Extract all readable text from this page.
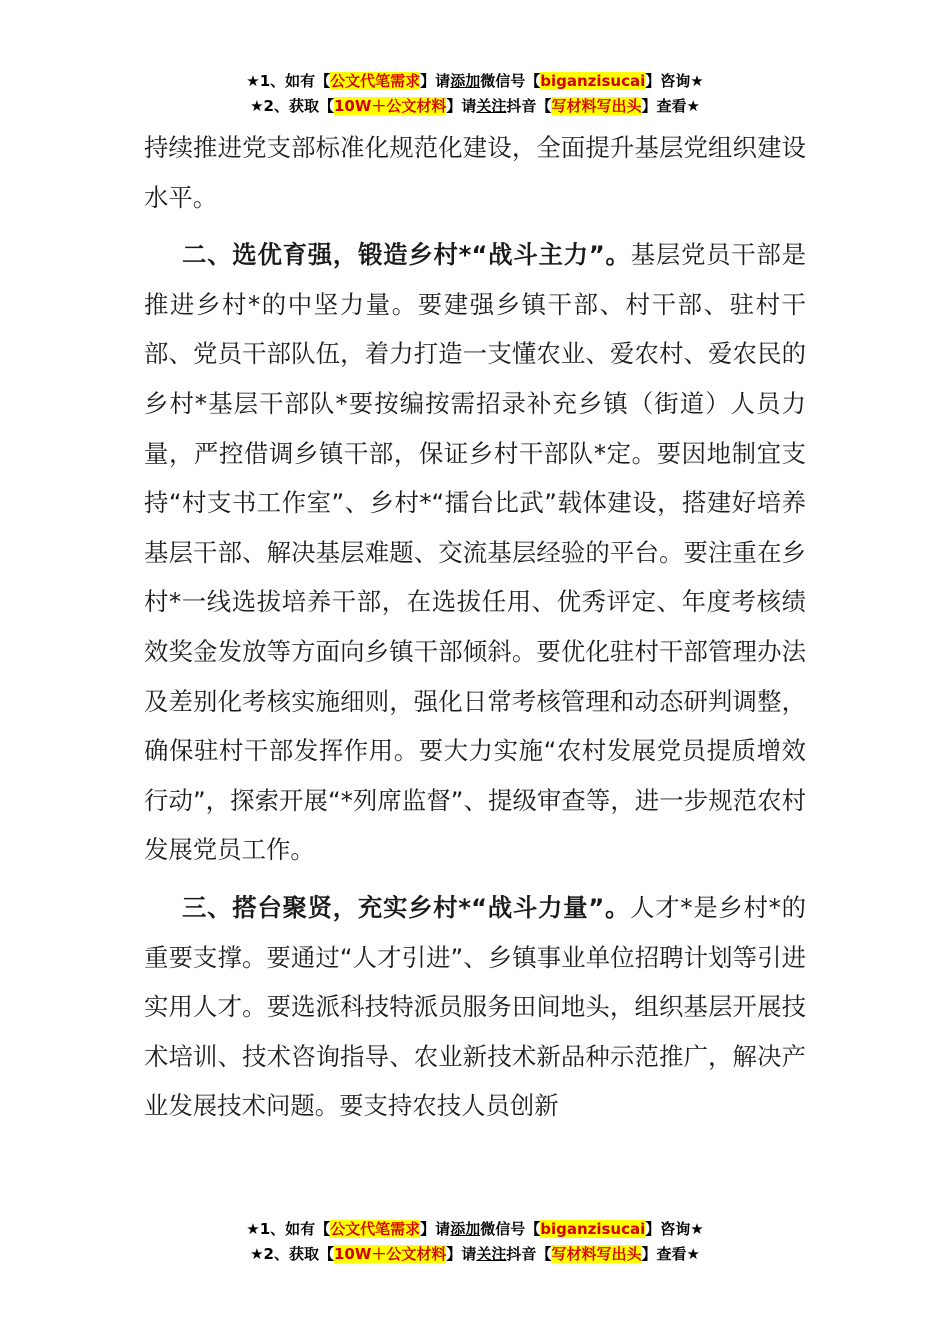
★1、如有【公文代笔需求】请添加微信号【biganzisucai】咨询★
★2、获取【10W＋公文材料】请关注抖音【写材料写出头】查看★

持续推进党支部标准化规范化建设，全面提升基层党组织建设水平。

二、选优育强，锻造乡村*“战斗主力”。基层党员干部是推进乡村*的中坚力量。要建强乡镇干部、村干部、驻村干部、党员干部队伍，着力打造一支懂农业、爱农村、爱农民的乡村*基层干部队*要按编按需招录补充乡镇（街道）人员力量，严控借调乡镇干部，保证乡村干部队*定。要因地制宜支持“村支书工作室”、乡村*“擂台比武”载体建设，搭建好培养基层干部、解决基层难题、交流基层经验的平台。要注重在乡村*一线选拔培养干部，在选拔任用、优秀评定、年度考核绩效奖金发放等方面向乡镇干部倾斜。要优化驻村干部管理办法及差别化考核实施细则，强化日常考核管理和动态研判调整，确保驻村干部发挥作用。要大力实施“农村发展党员提质增效行动”，探索开展“*列席监督”、提级审查等，进一步规范农村发展党员工作。

三、搭台聚贤，充实乡村*“战斗力量”。人才*是乡村*的重要支撑。要通过“人才引进”、乡镇事业单位招聘计划等引进实用人才。要选派科技特派员服务田间地头，组织基层开展技术培训、技术咨询指导、农业新技术新品种示范推广，解决产业发展技术问题。要支持农技人员创新

★1、如有【公文代笔需求】请添加微信号【biganzisucai】咨询★
★2、获取【10W＋公文材料】请关注抖音【写材料写出头】查看★
